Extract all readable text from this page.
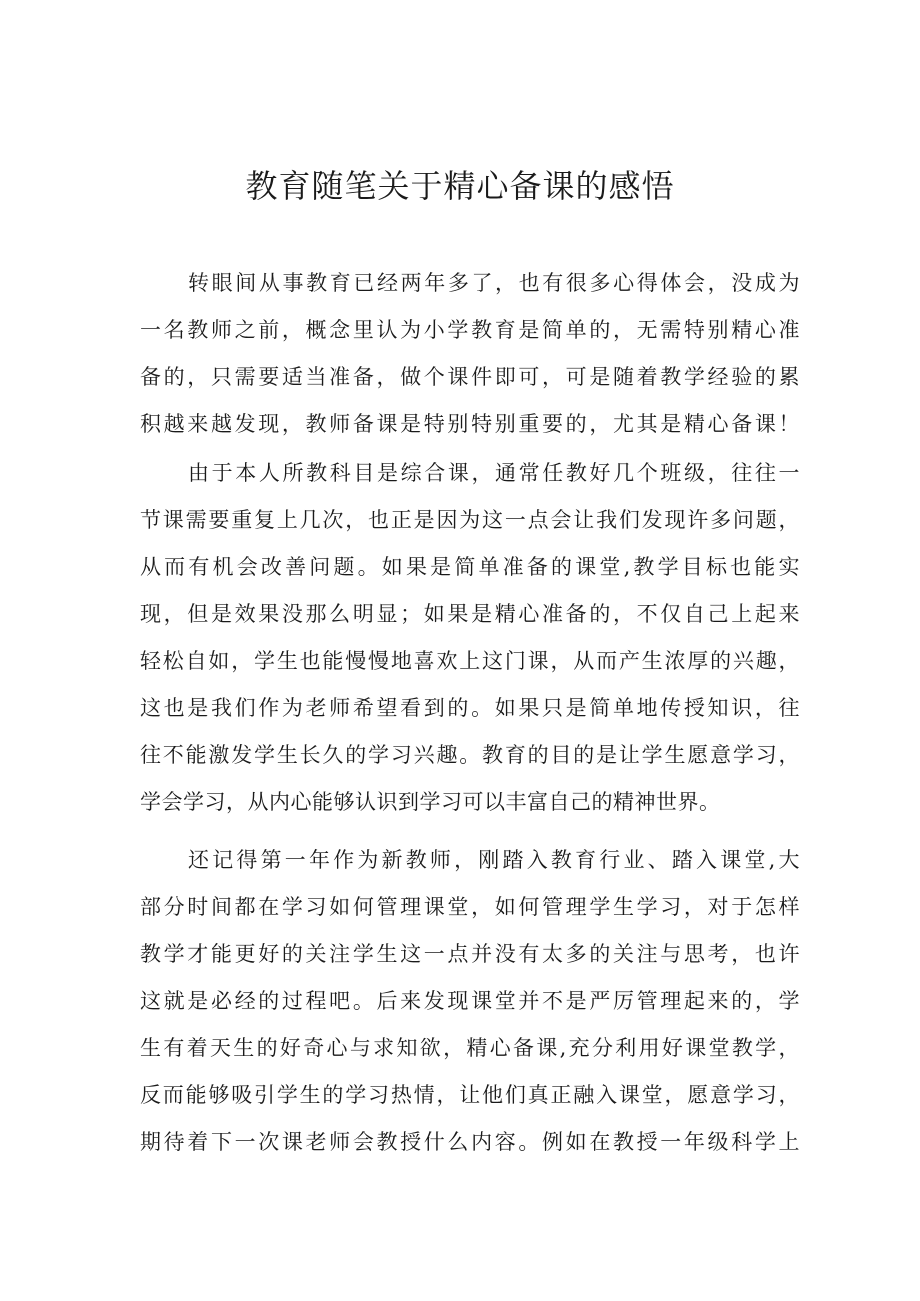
教育随笔关于精心备课的感悟
转眼间从事教育已经两年多了，也有很多心得体会，没成为
一名教师之前，概念里认为小学教育是简单的，无需特别精心准
备的，只需要适当准备，做个课件即可，可是随着教学经验的累
积越来越发现，教师备课是特别特别重要的，尤其是精心备课！
由于本人所教科目是综合课，通常任教好几个班级，往往一
节课需要重复上几次，也正是因为这一点会让我们发现许多问题，
从而有机会改善问题。如果是简单准备的课堂,教学目标也能实
现，但是效果没那么明显；如果是精心准备的，不仅自己上起来
轻松自如，学生也能慢慢地喜欢上这门课，从而产生浓厚的兴趣，
这也是我们作为老师希望看到的。如果只是简单地传授知识，往
往不能激发学生长久的学习兴趣。教育的目的是让学生愿意学习，
学会学习，从内心能够认识到学习可以丰富自己的精神世界。
还记得第一年作为新教师，刚踏入教育行业、踏入课堂,大
部分时间都在学习如何管理课堂，如何管理学生学习，对于怎样
教学才能更好的关注学生这一点并没有太多的关注与思考，也许
这就是必经的过程吧。后来发现课堂并不是严厉管理起来的，学
生有着天生的好奇心与求知欲，精心备课,充分利用好课堂教学，
反而能够吸引学生的学习热情，让他们真正融入课堂，愿意学习，
期待着下一次课老师会教授什么内容。例如在教授一年级科学上
